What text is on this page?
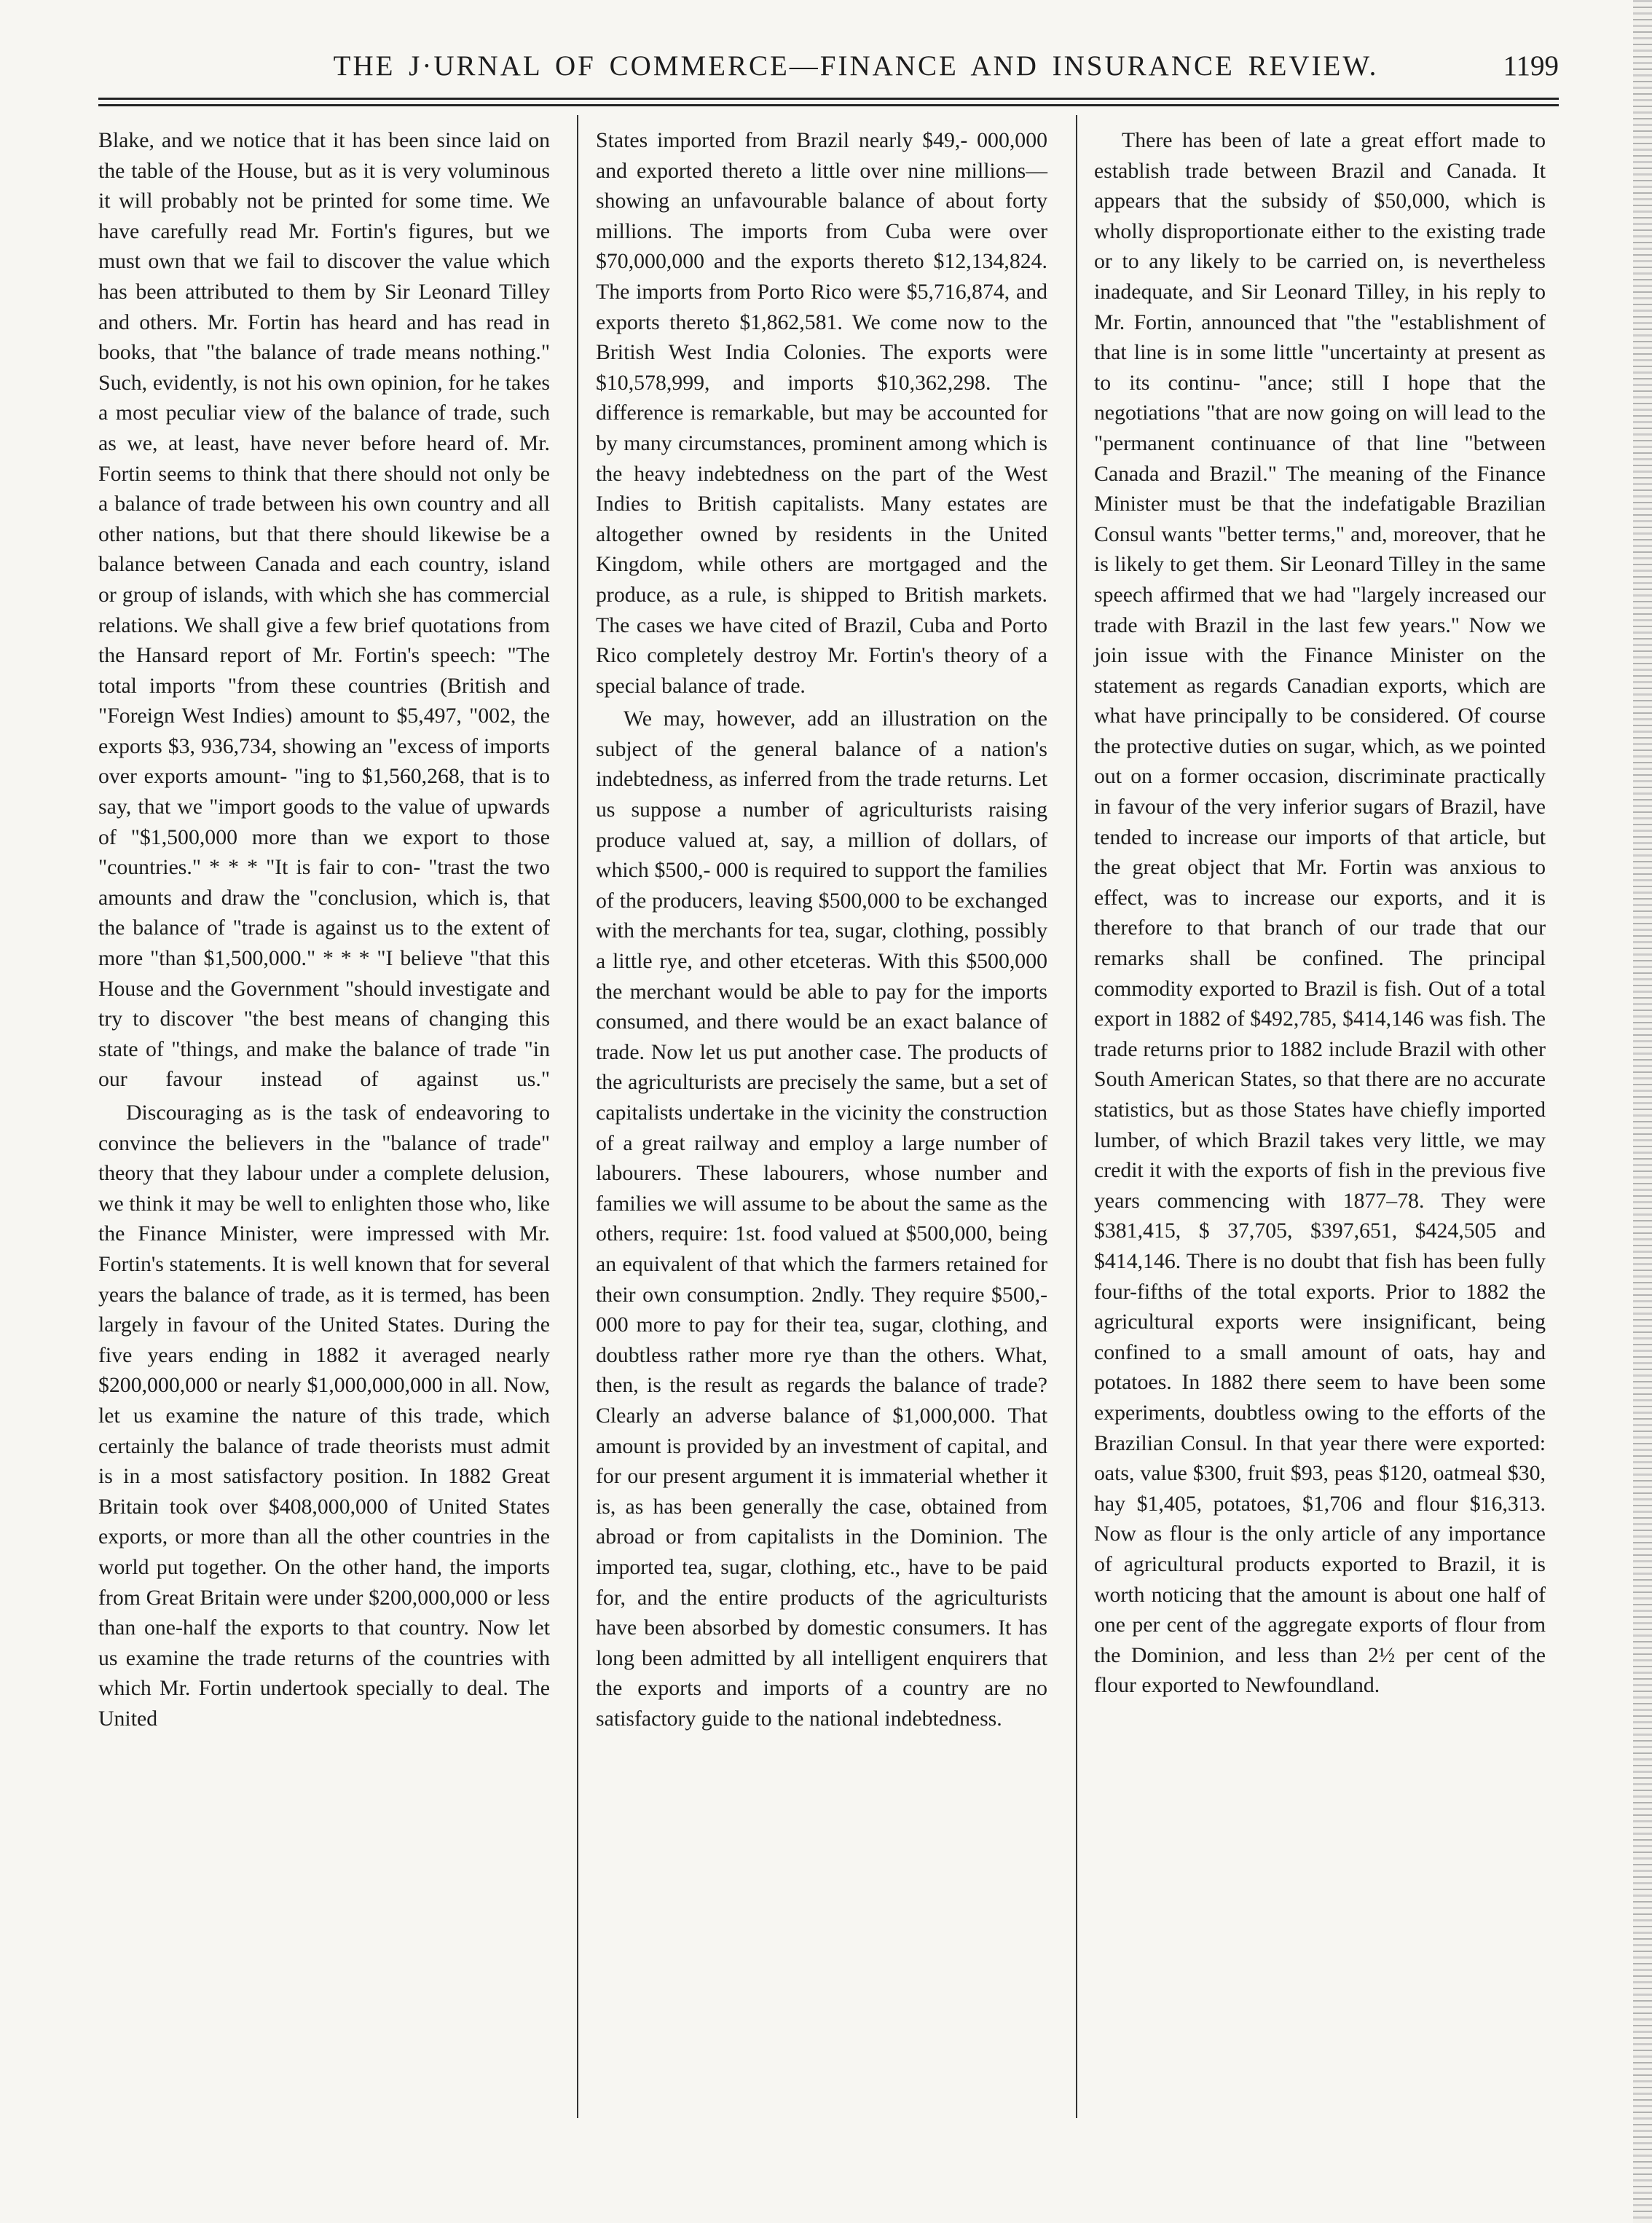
THE J·URNAL OF COMMERCE—FINANCE AND INSURANCE REVIEW.	1199

Blake, and we notice that it has been since laid on the table of the House, but as it is very voluminous it will probably not be printed for some time. We have carefully read Mr. Fortin's figures, but we must own that we fail to discover the value which has been attributed to them by Sir Leonard Tilley and others. Mr. Fortin has heard and has read in books, that "the balance of trade means nothing." Such, evidently, is not his own opinion, for he takes a most peculiar view of the balance of trade, such as we, at least, have never before heard of. Mr. Fortin seems to think that there should not only be a balance of trade between his own country and all other nations, but that there should likewise be a balance between Canada and each country, island or group of islands, with which she has commercial relations. We shall give a few brief quotations from the Hansard report of Mr. Fortin's speech: "The total imports "from these countries (British and "Foreign West Indies) amount to $5,497, "002, the exports $3, 936,734, showing an "excess of imports over exports amount- "ing to $1,560,268, that is to say, that we "import goods to the value of upwards of "$1,500,000 more than we export to those "countries." * * * "It is fair to con- "trast the two amounts and draw the "conclusion, which is, that the balance of "trade is against us to the extent of more "than $1,500,000." * * * "I believe "that this House and the Government "should investigate and try to discover "the best means of changing this state of "things, and make the balance of trade "in our favour instead of against us."

Discouraging as is the task of endeavoring to convince the believers in the "balance of trade" theory that they labour under a complete delusion, we think it may be well to enlighten those who, like the Finance Minister, were impressed with Mr. Fortin's statements. It is well known that for several years the balance of trade, as it is termed, has been largely in favour of the United States. During the five years ending in 1882 it averaged nearly $200,000,000 or nearly $1,000,000,000 in all. Now, let us examine the nature of this trade, which certainly the balance of trade theorists must admit is in a most satisfactory position. In 1882 Great Britain took over $408,000,000 of United States exports, or more than all the other countries in the world put together. On the other hand, the imports from Great Britain were under $200,000,000 or less than one-half the exports to that country. Now let us examine the trade returns of the countries with which Mr. Fortin undertook specially to deal. The United

States imported from Brazil nearly $49,- 000,000 and exported thereto a little over nine millions—showing an unfavourable balance of about forty millions. The imports from Cuba were over $70,000,000 and the exports thereto $12,134,824. The imports from Porto Rico were $5,716,874, and exports thereto $1,862,581. We come now to the British West India Colonies. The exports were $10,578,999, and imports $10,362,298. The difference is remarkable, but may be accounted for by many circumstances, prominent among which is the heavy indebtedness on the part of the West Indies to British capitalists. Many estates are altogether owned by residents in the United Kingdom, while others are mortgaged and the produce, as a rule, is shipped to British markets. The cases we have cited of Brazil, Cuba and Porto Rico completely destroy Mr. Fortin's theory of a special balance of trade.

We may, however, add an illustration on the subject of the general balance of a nation's indebtedness, as inferred from the trade returns. Let us suppose a number of agriculturists raising produce valued at, say, a million of dollars, of which $500,- 000 is required to support the families of the producers, leaving $500,000 to be exchanged with the merchants for tea, sugar, clothing, possibly a little rye, and other etceteras. With this $500,000 the merchant would be able to pay for the imports consumed, and there would be an exact balance of trade. Now let us put another case. The products of the agriculturists are precisely the same, but a set of capitalists undertake in the vicinity the construction of a great railway and employ a large number of labourers. These labourers, whose number and families we will assume to be about the same as the others, require: 1st. food valued at $500,000, being an equivalent of that which the farmers retained for their own consumption. 2ndly. They require $500,- 000 more to pay for their tea, sugar, clothing, and doubtless rather more rye than the others. What, then, is the result as regards the balance of trade? Clearly an adverse balance of $1,000,000. That amount is provided by an investment of capital, and for our present argument it is immaterial whether it is, as has been generally the case, obtained from abroad or from capitalists in the Dominion. The imported tea, sugar, clothing, etc., have to be paid for, and the entire products of the agriculturists have been absorbed by domestic consumers. It has long been admitted by all intelligent enquirers that the exports and imports of a country are no satisfactory guide to the national indebtedness.

There has been of late a great effort made to establish trade between Brazil and Canada. It appears that the subsidy of $50,000, which is wholly disproportionate either to the existing trade or to any likely to be carried on, is nevertheless inadequate, and Sir Leonard Tilley, in his reply to Mr. Fortin, announced that "the "establishment of that line is in some little "uncertainty at present as to its continu- "ance; still I hope that the negotiations "that are now going on will lead to the "permanent continuance of that line "between Canada and Brazil." The meaning of the Finance Minister must be that the indefatigable Brazilian Consul wants "better terms," and, moreover, that he is likely to get them. Sir Leonard Tilley in the same speech affirmed that we had "largely increased our trade with Brazil in the last few years." Now we join issue with the Finance Minister on the statement as regards Canadian exports, which are what have principally to be considered. Of course the protective duties on sugar, which, as we pointed out on a former occasion, discriminate practically in favour of the very inferior sugars of Brazil, have tended to increase our imports of that article, but the great object that Mr. Fortin was anxious to effect, was to increase our exports, and it is therefore to that branch of our trade that our remarks shall be confined. The principal commodity exported to Brazil is fish. Out of a total export in 1882 of $492,785, $414,146 was fish. The trade returns prior to 1882 include Brazil with other South American States, so that there are no accurate statistics, but as those States have chiefly imported lumber, of which Brazil takes very little, we may credit it with the exports of fish in the previous five years commencing with 1877–78. They were $381,415, $ 37,705, $397,651, $424,505 and $414,146. There is no doubt that fish has been fully four-fifths of the total exports. Prior to 1882 the agricultural exports were insignificant, being confined to a small amount of oats, hay and potatoes. In 1882 there seem to have been some experiments, doubtless owing to the efforts of the Brazilian Consul. In that year there were exported: oats, value $300, fruit $93, peas $120, oatmeal $30, hay $1,405, potatoes, $1,706 and flour $16,313. Now as flour is the only article of any importance of agricultural products exported to Brazil, it is worth noticing that the amount is about one half of one per cent of the aggregate exports of flour from the Dominion, and less than 2½ per cent of the flour exported to Newfoundland.
